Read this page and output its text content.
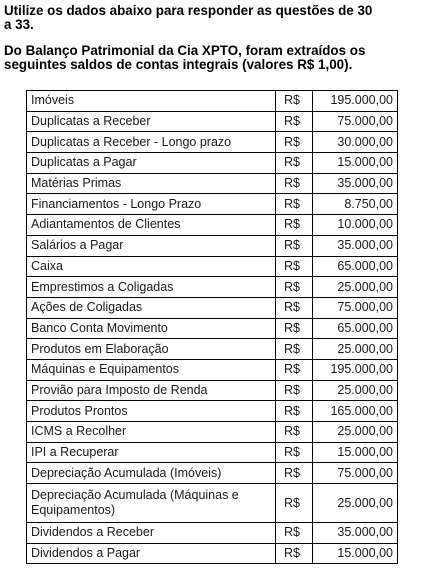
Utilize os dados abaixo para responder as questões de 30
a 33.

Do Balanço Patrimonial da Cia XPTO, foram extraídos os
seguintes saldos de contas integrais (valores R$ 1,00).

Imóveis	R$	195.000,00
Duplicatas a Receber	R$	75.000,00
Duplicatas a Receber - Longo prazo	R$	30.000,00
Duplicatas a Pagar	R$	15.000,00
Matérias Primas	R$	35.000,00
Financiamentos - Longo Prazo	R$	8.750,00
Adiantamentos de Clientes	R$	10.000,00
Salários a Pagar	R$	35.000,00
Caixa	R$	65.000,00
Emprestimos a Coligadas	R$	25.000,00
Ações de Coligadas	R$	75.000,00
Banco Conta Movimento	R$	65.000,00
Produtos em Elaboração	R$	25.000,00
Máquinas e Equipamentos	R$	195.000,00
Provião para Imposto de Renda	R$	25.000,00
Produtos Prontos	R$	165.000,00
ICMS a Recolher	R$	25.000,00
IPI a Recuperar	R$	15.000,00
Depreciação Acumulada (Imóveis)	R$	75.000,00
Depreciação Acumulada (Máquinas e Equipamentos)	R$	25.000,00
Dividendos a Receber	R$	35.000,00
Dividendos a Pagar	R$	15.000,00
